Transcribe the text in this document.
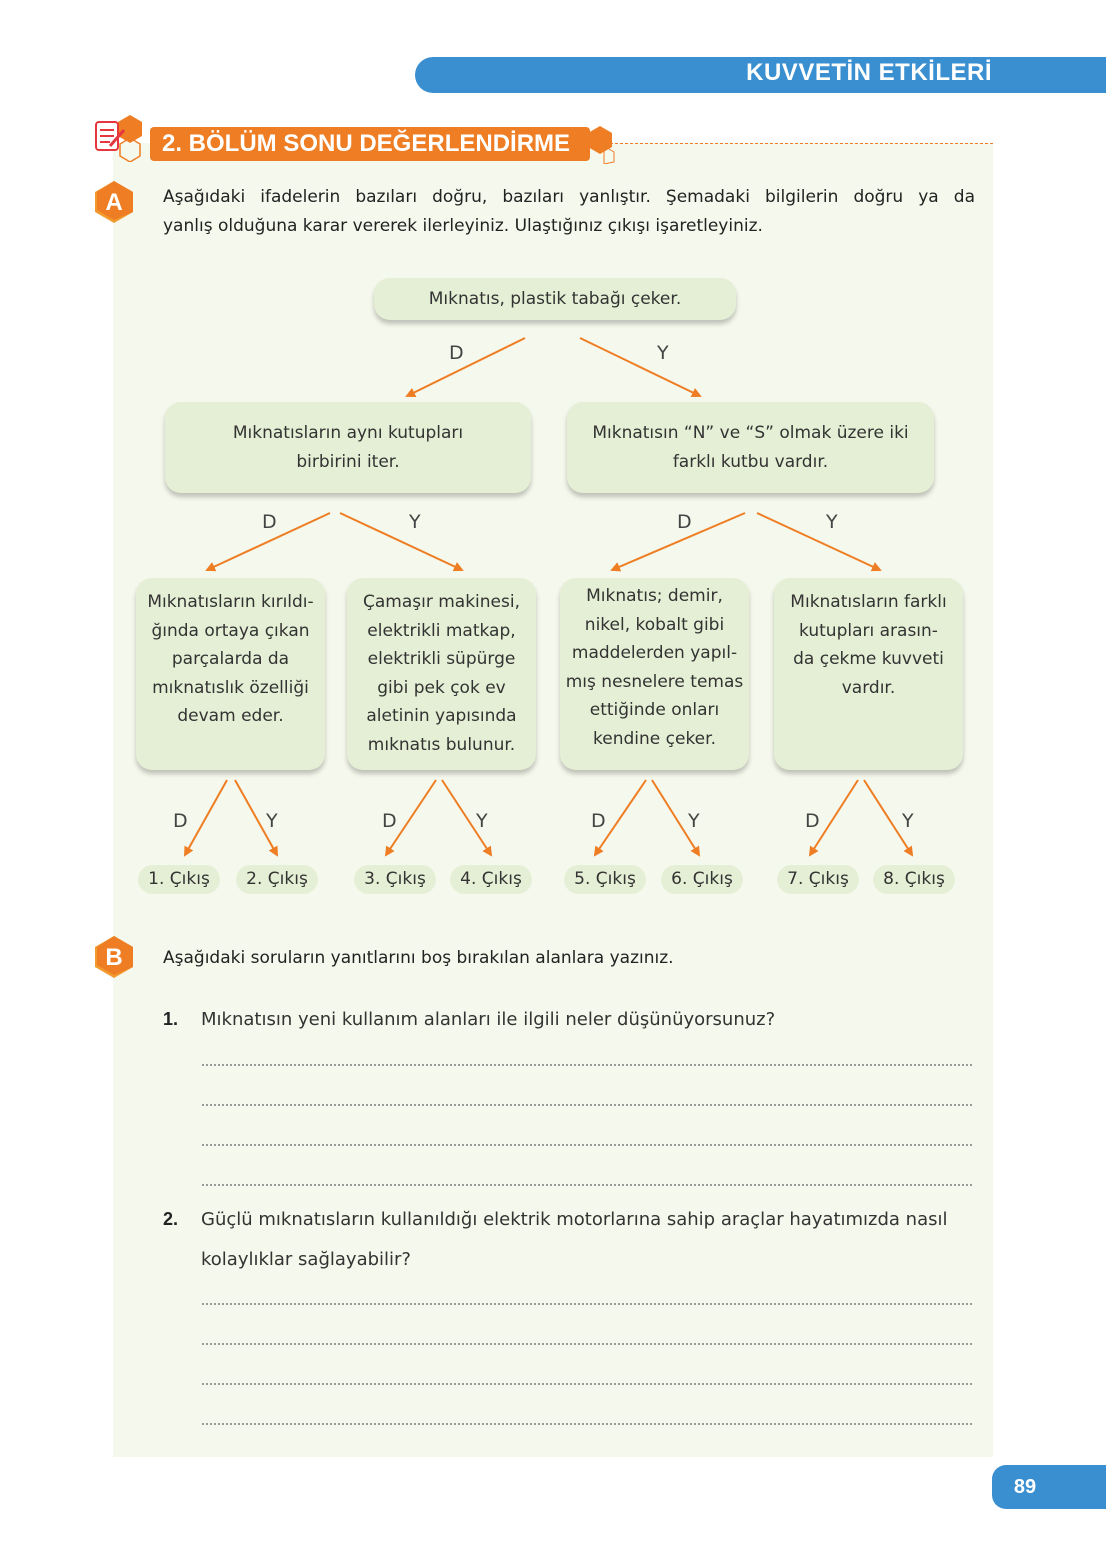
KUVVETİN ETKİLERİ
2. BÖLÜM SONU DEĞERLENDİRME
A Aşağıdaki ifadelerin bazıları doğru, bazıları yanlıştır. Şemadaki bilgilerin doğru ya da
yanlış olduğuna karar vererek ilerleyiniz. Ulaştığınız çıkışı işaretleyiniz.
Mıknatıs, plastik tabağı çeker.
D	Y
Mıknatısların aynı kutupları
birbirini iter.
Mıknatısın “N” ve “S” olmak üzere iki
farklı kutbu vardır.
D	Y	D	Y
Mıknatısların kırıldı-
ğında ortaya çıkan
parçalarda da
mıknatıslık özelliği
devam eder.
Çamaşır makinesi,
elektrikli matkap,
elektrikli süpürge
gibi pek çok ev
aletinin yapısında
mıknatıs bulunur.
Mıknatıs; demir,
nikel, kobalt gibi
maddelerden yapıl-
mış nesnelere temas
ettiğinde onları
kendine çeker.
Mıknatısların farklı
kutupları arasın-
da çekme kuvveti
vardır.
D	Y	D	Y	D	Y	D	Y
1. Çıkış	2. Çıkış	3. Çıkış	4. Çıkış	5. Çıkış	6. Çıkış	7. Çıkış	8. Çıkış
B Aşağıdaki soruların yanıtlarını boş bırakılan alanlara yazınız.
1. Mıknatısın yeni kullanım alanları ile ilgili neler düşünüyorsunuz?
2. Güçlü mıknatısların kullanıldığı elektrik motorlarına sahip araçlar hayatımızda nasıl
kolaylıklar sağlayabilir?
89
